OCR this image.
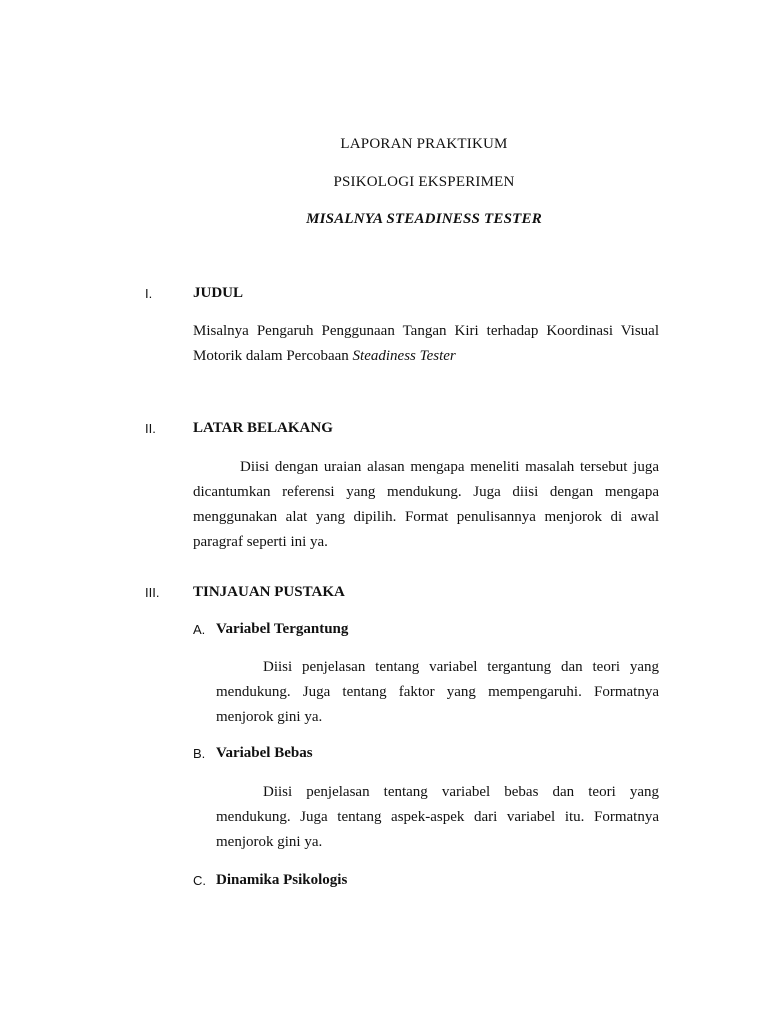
LAPORAN PRAKTIKUM
PSIKOLOGI EKSPERIMEN
MISALNYA STEADINESS TESTER
I.	JUDUL
Misalnya Pengaruh Penggunaan Tangan Kiri terhadap Koordinasi Visual Motorik dalam Percobaan Steadiness Tester
II. LATAR BELAKANG
Diisi dengan uraian alasan mengapa meneliti masalah tersebut juga dicantumkan referensi yang mendukung. Juga diisi dengan mengapa menggunakan alat yang dipilih. Format penulisannya menjorok di awal paragraf seperti ini ya.
III. TINJAUAN PUSTAKA
A. Variabel Tergantung
Diisi penjelasan tentang variabel tergantung dan teori yang mendukung. Juga tentang faktor yang mempengaruhi. Formatnya menjorok gini ya.
B. Variabel Bebas
Diisi penjelasan tentang variabel bebas dan teori yang mendukung. Juga tentang aspek-aspek dari variabel itu. Formatnya menjorok gini ya.
C. Dinamika Psikologis
